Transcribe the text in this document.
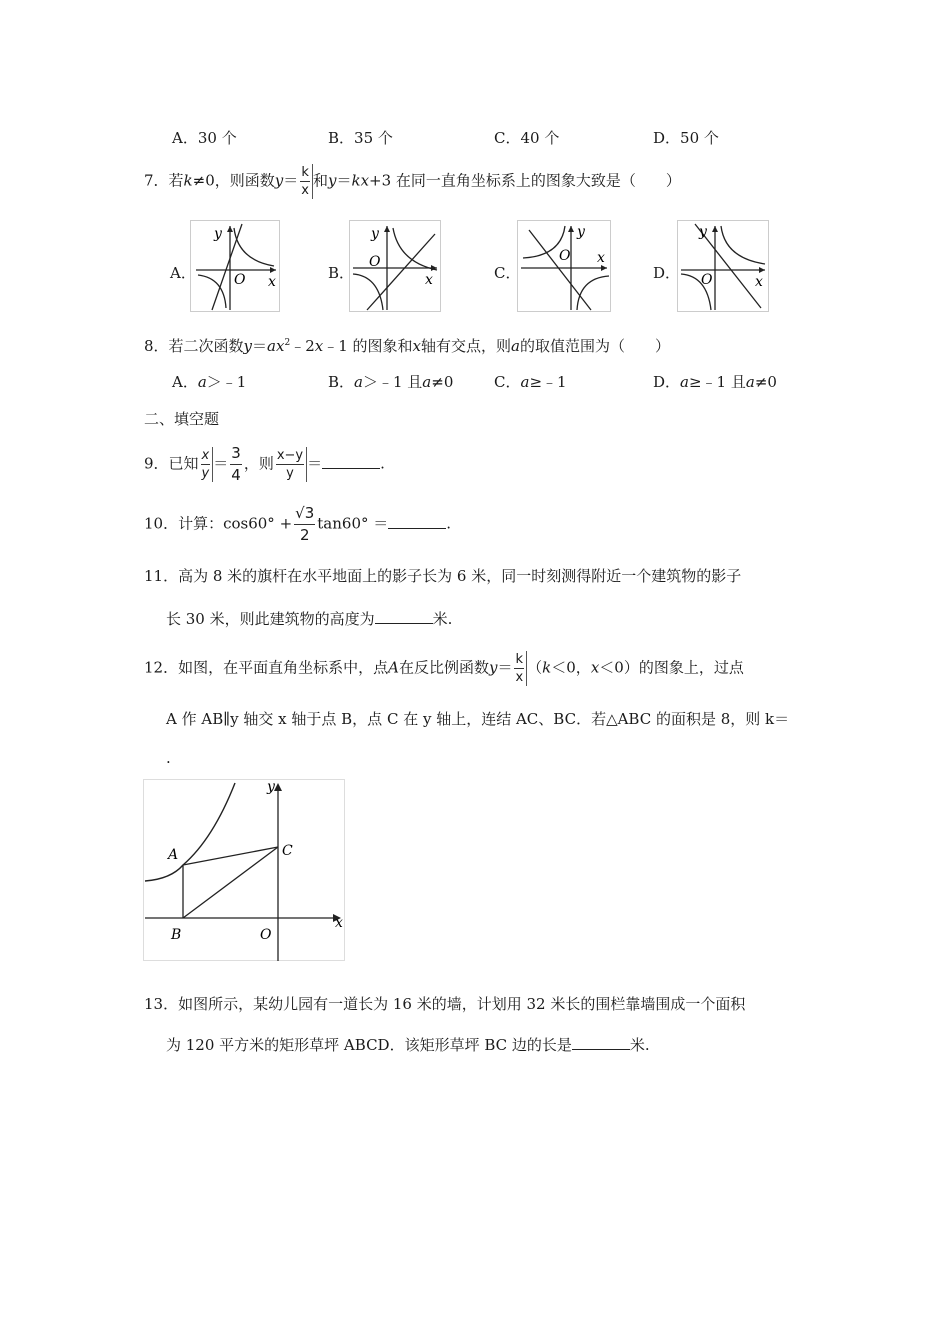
A．30 个	B．35 个	C．40 个	D．50 个
7．若k≠0，则函数$y= \frac{k}{x}$ 和y＝kx+3 在同一直角坐标系上的图象大致是（　　）
A．	B．	C．	D．
y
x
O
y
x
O
y
x
O
y
x
O
8．若二次函数$y=ax^2﹣2x﹣1$ 的图象和x轴有交点，则a的取值范围为（　　）
A．a＞﹣1	B．a＞﹣1 且a≠0	C．a≥﹣1	D．a≥﹣1 且a≠0
二、填空题
9．已知 $\frac{x}{y} = \frac{3}{4}$ ，则 $\frac{x-y}{y}$ ＝	.
10．计算：$\cos 60^\circ + \frac{√3}{2} \tan 60^\circ$ ＝	.
11．高为 8 米的旗杆在水平地面上的影子长为 6 米，同一时刻测得附近一个建筑物的影子
长 30 米，则此建筑物的高度为	米.
12．如图，在平面直角坐标系中，点A在反比例函数$y= \frac{k}{x} (k<0$，x＜0）的图象上，过点
A 作 AB∥y 轴交 x 轴于点 B，点 C 在 y 轴上，连结 AC、BC．若△ABC 的面积是 8，则 k＝
.
A
B
C
O
x
y
13．如图所示，某幼儿园有一道长为 16 米的墙，计划用 32 米长的围栏靠墙围成一个面积
为 120 平方米的矩形草坪 ABCD．该矩形草坪 BC 边的长是	米.
